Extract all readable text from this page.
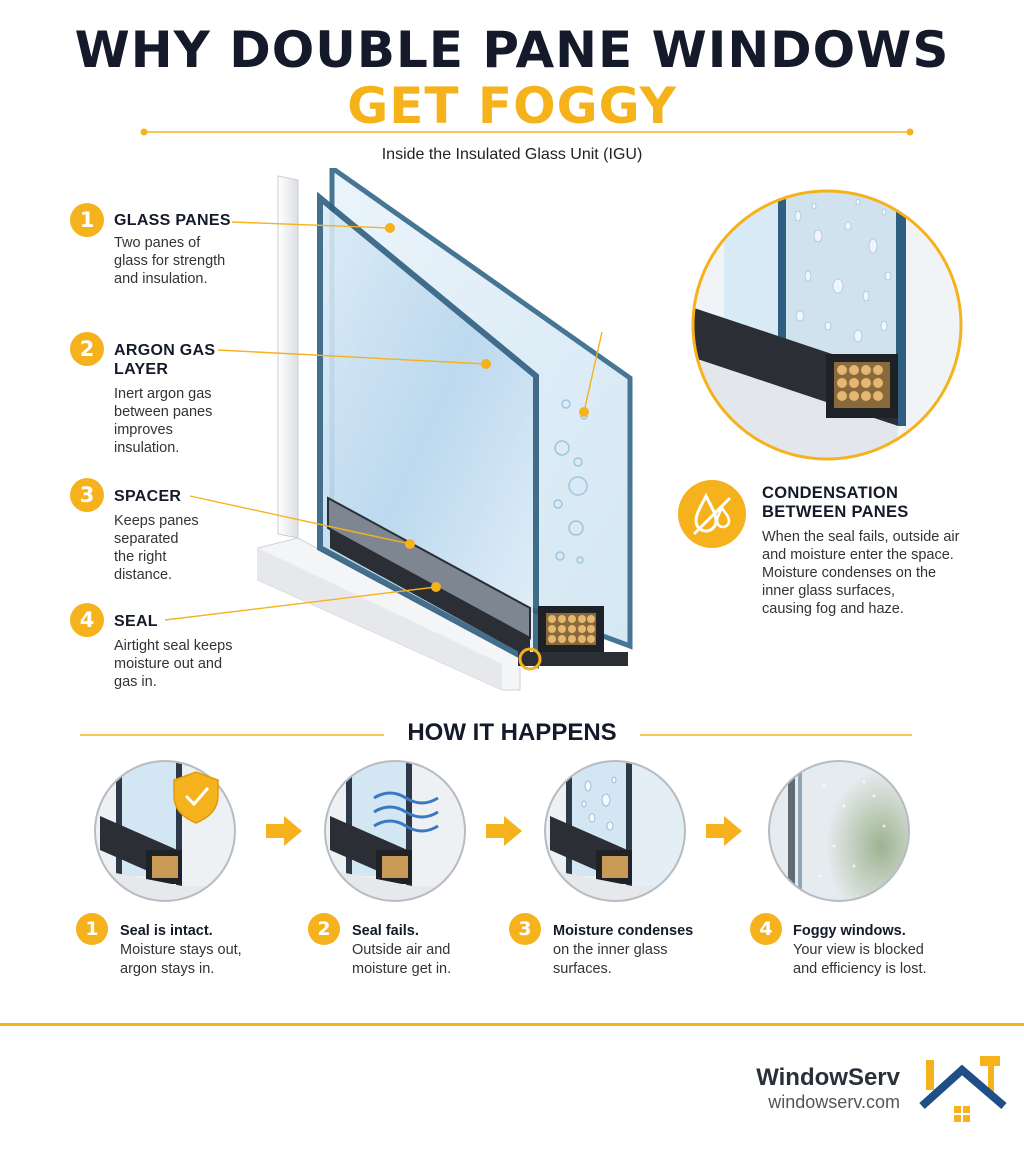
WHY DOUBLE PANE WINDOWS
GET FOGGY
Inside the Insulated Glass Unit (IGU)
1	GLASS PANES
Two panes of
glass for strength
and insulation.
2	ARGON GAS
LAYER
Inert argon gas
between panes
improves
insulation.
3	SPACER
Keeps panes
separated
the right
distance.
4	SEAL
Airtight seal keeps
moisture out and
gas in.
CONDENSATION
BETWEEN PANES
When the seal fails, outside air
and moisture enter the space.
Moisture condenses on the
inner glass surfaces,
causing fog and haze.
HOW IT HAPPENS
1	Seal is intact.
Moisture stays out,
argon stays in.
2	Seal fails.
Outside air and
moisture get in.
3	Moisture condenses
on the inner glass
surfaces.
4	Foggy windows.
Your view is blocked
and efficiency is lost.
WindowServ
windowserv.com
